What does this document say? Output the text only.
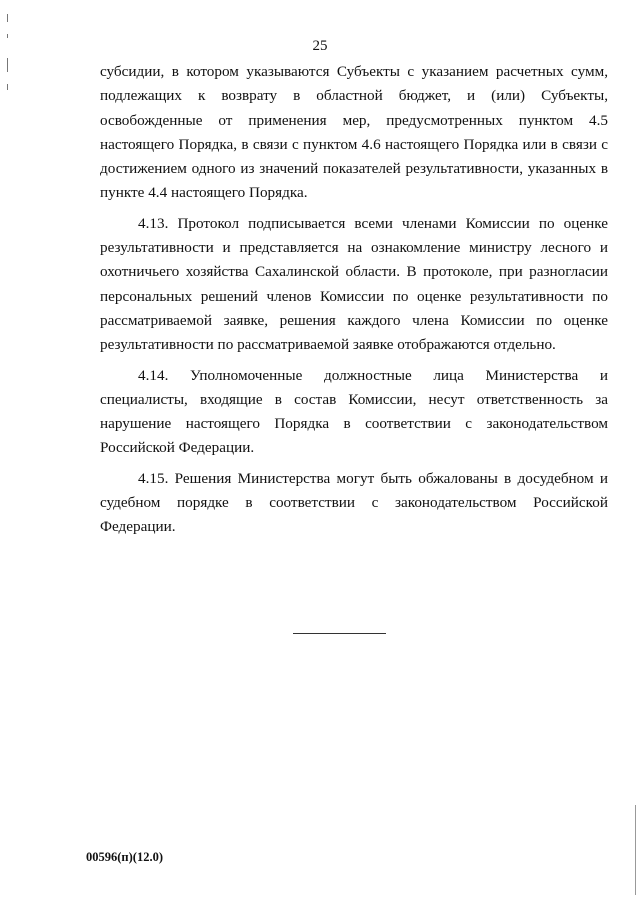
25

субсидии, в котором указываются Субъекты с указанием расчетных сумм, подлежащих к возврату в областной бюджет, и (или) Субъекты, освобожденные от применения мер, предусмотренных пунктом 4.5 настоящего Порядка, в связи с пунктом 4.6 настоящего Порядка или в связи с достижением одного из значений показателей результативности, указанных в пункте 4.4 настоящего Порядка.

4.13. Протокол подписывается всеми членами Комиссии по оценке результативности и представляется на ознакомление министру лесного и охотничьего хозяйства Сахалинской области. В протоколе, при разногласии персональных решений членов Комиссии по оценке результативности по рассматриваемой заявке, решения каждого члена Комиссии по оценке результативности по рассматриваемой заявке отображаются отдельно.

4.14. Уполномоченные должностные лица Министерства и специалисты, входящие в состав Комиссии, несут ответственность за нарушение настоящего Порядка в соответствии с законодательством Российской Федерации.

4.15. Решения Министерства могут быть обжалованы в досудебном и судебном порядке в соответствии с законодательством Российской Федерации.

00596(п)(12.0)
